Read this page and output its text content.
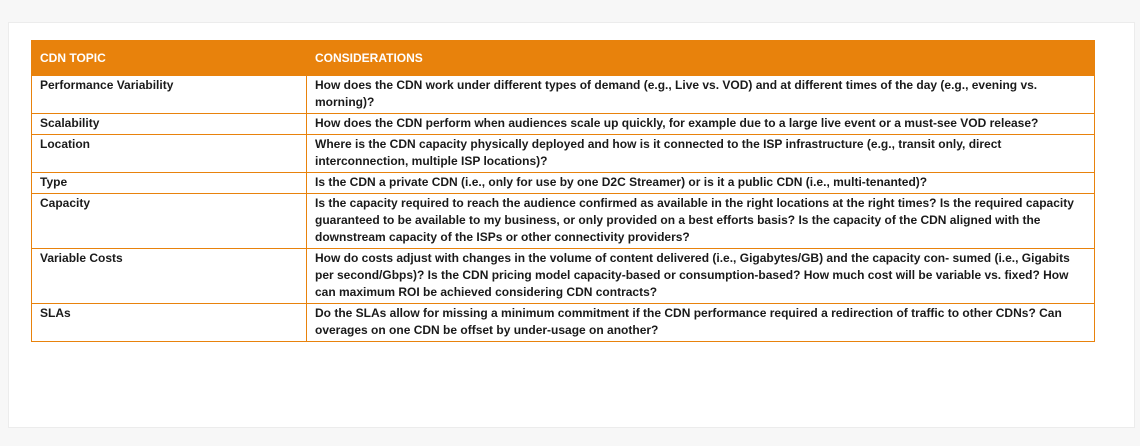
CDN TOPIC	CONSIDERATIONS
Performance Variability	How does the CDN work under different types of demand (e.g., Live vs. VOD) and at different times of the day (e.g., evening vs. morning)?
Scalability	How does the CDN perform when audiences scale up quickly, for example due to a large live event or a must-see VOD release?
Location	Where is the CDN capacity physically deployed and how is it connected to the ISP infrastructure (e.g., transit only, direct interconnection, multiple ISP locations)?
Type	Is the CDN a private CDN (i.e., only for use by one D2C Streamer) or is it a public CDN (i.e., multi-tenanted)?
Capacity	Is the capacity required to reach the audience confirmed as available in the right locations at the right times? Is the required capacity guaranteed to be available to my business, or only provided on a best efforts basis? Is the capacity of the CDN aligned with the downstream capacity of the ISPs or other connectivity providers?
Variable Costs	How do costs adjust with changes in the volume of content delivered (i.e., Gigabytes/GB) and the capacity con- sumed (i.e., Gigabits per second/Gbps)? Is the CDN pricing model capacity-based or consumption-based? How much cost will be variable vs. fixed? How can maximum ROI be achieved considering CDN contracts?
SLAs	Do the SLAs allow for missing a minimum commitment if the CDN performance required a redirection of traffic to other CDNs? Can overages on one CDN be offset by under-usage on another?
